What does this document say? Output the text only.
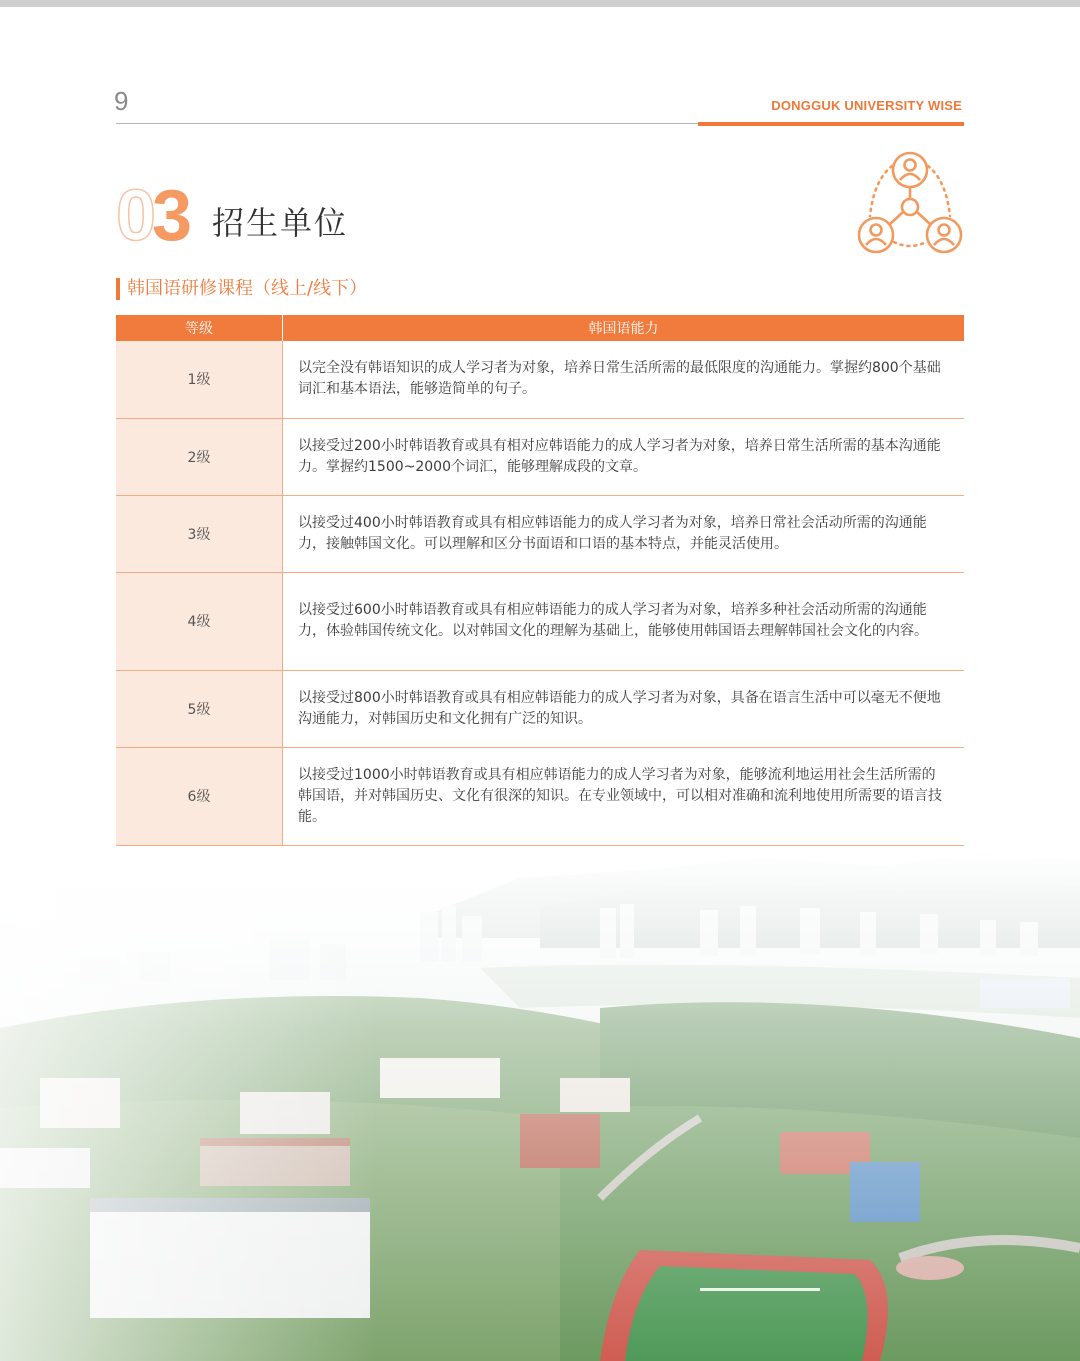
9	DONGGUK UNIVERSITY WISE
03 招生单位
韩国语研修课程（线上/线下）
等级	韩国语能力
1级	以完全没有韩语知识的成人学习者为对象，培养日常生活所需的最低限度的沟通能力。掌握约800个基础词汇和基本语法，能够造简单的句子。
2级	以接受过200小时韩语教育或具有相对应韩语能力的成人学习者为对象，培养日常生活所需的基本沟通能力。掌握约1500~2000个词汇，能够理解成段的文章。
3级	以接受过400小时韩语教育或具有相应韩语能力的成人学习者为对象，培养日常社会活动所需的沟通能力，接触韩国文化。可以理解和区分书面语和口语的基本特点，并能灵活使用。
4级	以接受过600小时韩语教育或具有相应韩语能力的成人学习者为对象，培养多种社会活动所需的沟通能力，体验韩国传统文化。以对韩国文化的理解为基础上，能够使用韩国语去理解韩国社会文化的内容。
5级	以接受过800小时韩语教育或具有相应韩语能力的成人学习者为对象，具备在语言生活中可以毫无不便地沟通能力，对韩国历史和文化拥有广泛的知识。
6级	以接受过1000小时韩语教育或具有相应韩语能力的成人学习者为对象，能够流利地运用社会生活所需的韩国语，并对韩国历史、文化有很深的知识。在专业领域中，可以相对准确和流利地使用所需要的语言技能。
